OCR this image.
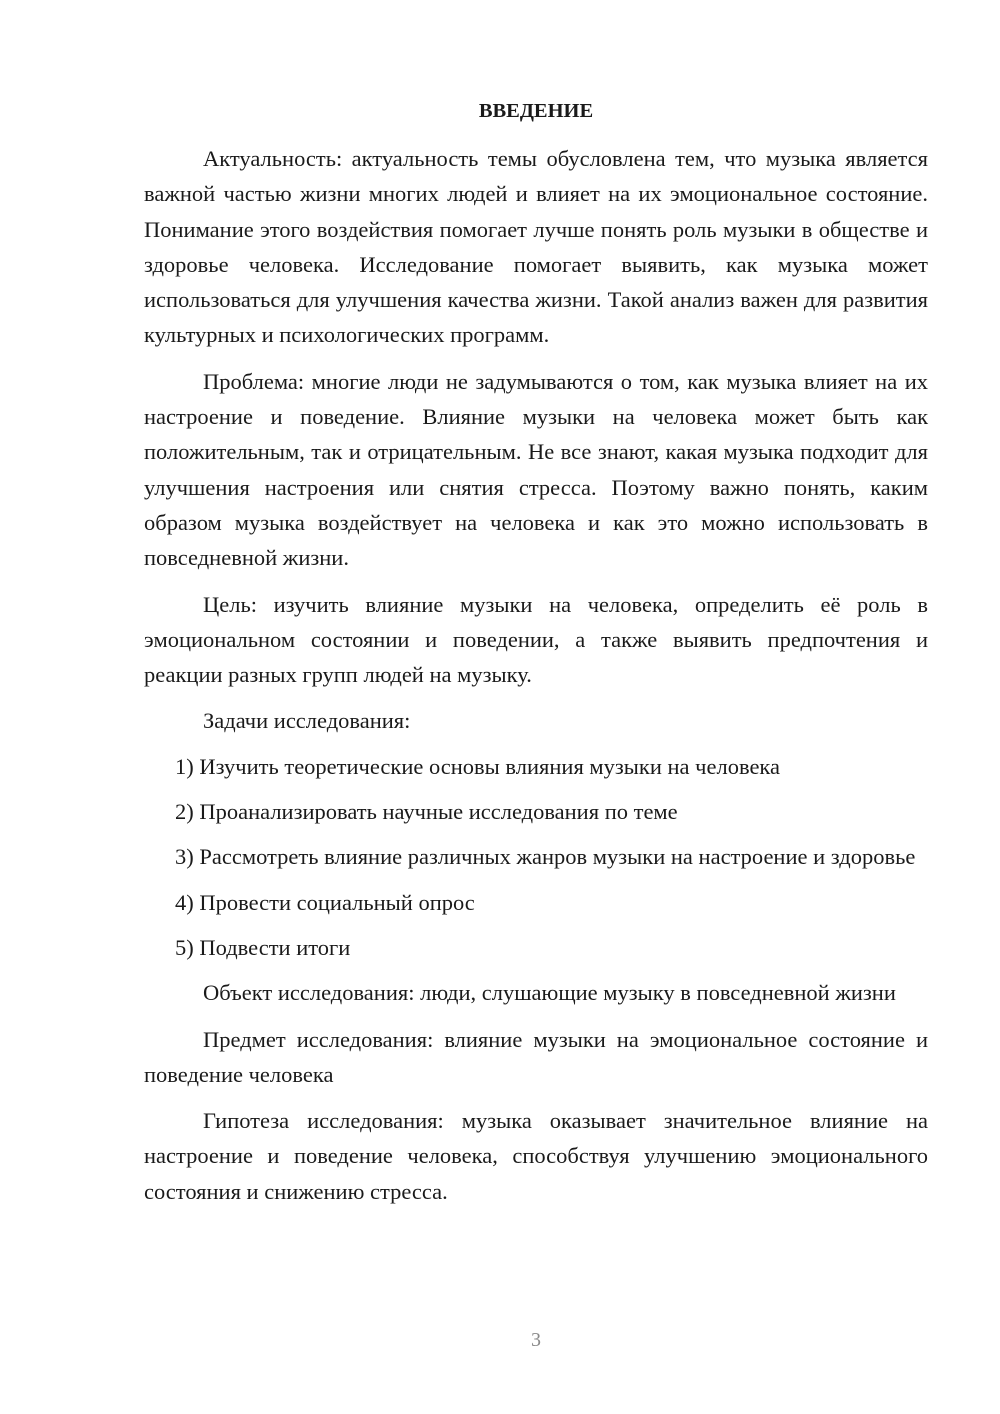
ВВЕДЕНИЕ

Актуальность: актуальность темы обусловлена тем, что музыка является важной частью жизни многих людей и влияет на их эмоциональное состояние. Понимание этого воздействия помогает лучше понять роль музыки в обществе и здоровье человека. Исследование помогает выявить, как музыка может использоваться для улучшения качества жизни. Такой анализ важен для развития культурных и психологических программ.

Проблема: многие люди не задумываются о том, как музыка влияет на их настроение и поведение. Влияние музыки на человека может быть как положительным, так и отрицательным. Не все знают, какая музыка подходит для улучшения настроения или снятия стресса. Поэтому важно понять, каким образом музыка воздействует на человека и как это можно использовать в повседневной жизни.

Цель: изучить влияние музыки на человека, определить её роль в эмоциональном состоянии и поведении, а также выявить предпочтения и реакции разных групп людей на музыку.

Задачи исследования:

1) Изучить теоретические основы влияния музыки на человека

2) Проанализировать научные исследования по теме

3) Рассмотреть влияние различных жанров музыки на настроение и здоровье

4) Провести социальный опрос

5) Подвести итоги

Объект исследования: люди, слушающие музыку в повседневной жизни

Предмет исследования: влияние музыки на эмоциональное состояние и поведение человека

Гипотеза исследования: музыка оказывает значительное влияние на настроение и поведение человека, способствуя улучшению эмоционального состояния и снижению стресса.

3
